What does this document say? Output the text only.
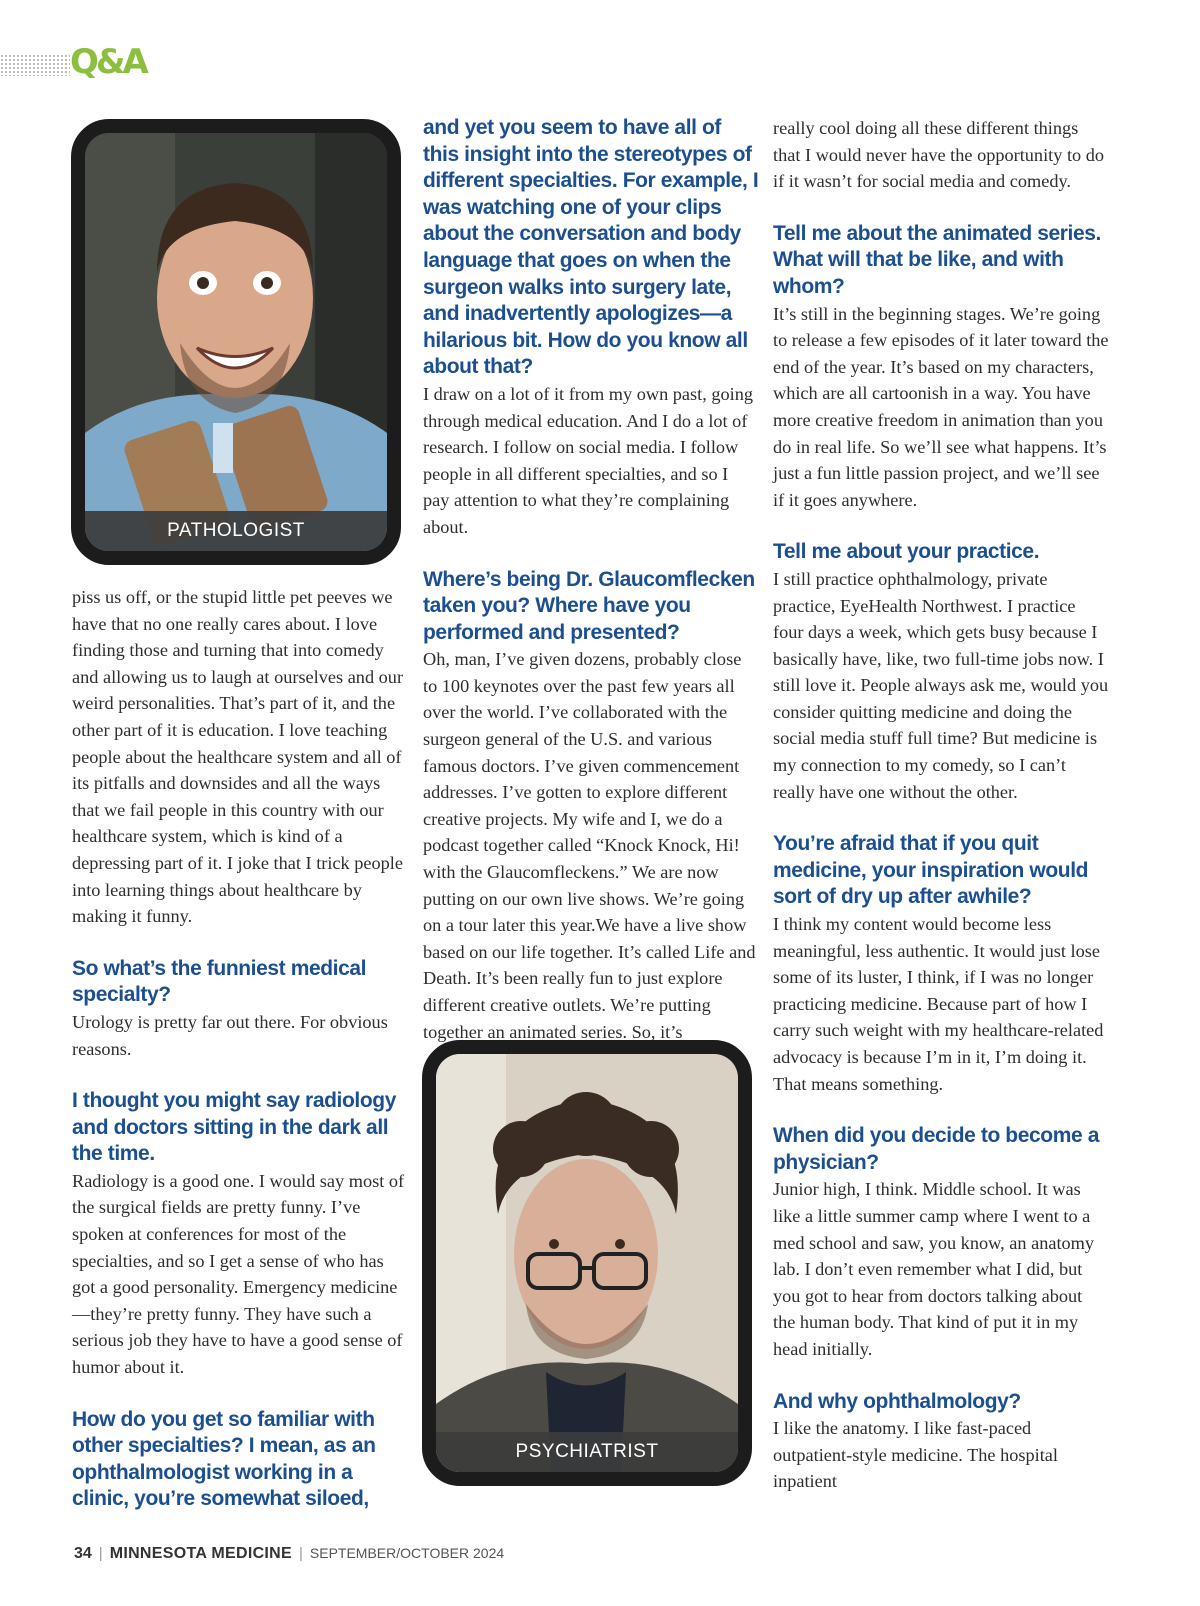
Q&A
PATHOLOGIST
PSYCHIATRIST

piss us off, or the stupid little pet peeves we have that no one really cares about. I love finding those and turning that into comedy and allowing us to laugh at ourselves and our weird personalities. That’s part of it, and the other part of it is education. I love teaching people about the healthcare system and all of its pitfalls and downsides and all the ways that we fail people in this country with our healthcare system, which is kind of a depressing part of it. I joke that I trick people into learning things about healthcare by making it funny.

So what’s the funniest medical specialty?

Urology is pretty far out there. For obvious reasons.

I thought you might say radiology and doctors sitting in the dark all the time.

Radiology is a good one. I would say most of the surgical fields are pretty funny. I’ve spoken at conferences for most of the specialties, and so I get a sense of who has got a good personality. Emergency medicine—they’re pretty funny. They have such a serious job they have to have a good sense of humor about it.

How do you get so familiar with other specialties? I mean, as an ophthalmologist working in a clinic, you’re somewhat siloed,

and yet you seem to have all of this insight into the stereotypes of different specialties. For example, I was watching one of your clips about the conversation and body language that goes on when the surgeon walks into surgery late, and inadvertently apologizes—a hilarious bit. How do you know all about that?

I draw on a lot of it from my own past, going through medical education. And I do a lot of research. I follow on social media. I follow people in all different specialties, and so I pay attention to what they’re complaining about.

Where’s being Dr. Glaucomflecken taken you? Where have you performed and presented?

Oh, man, I’ve given dozens, probably close to 100 keynotes over the past few years all over the world. I’ve collaborated with the surgeon general of the U.S. and various famous doctors. I’ve given commencement addresses. I’ve gotten to explore different creative projects. My wife and I, we do a podcast together called “Knock Knock, Hi! with the Glaucomfleckens.” We are now putting on our own live shows. We’re going on a tour later this year.We have a live show based on our life together. It’s called Life and Death. It’s been really fun to just explore different creative outlets. We’re putting together an animated series. So, it’s

really cool doing all these different things that I would never have the opportunity to do if it wasn’t for social media and comedy.

Tell me about the animated series. What will that be like, and with whom?

It’s still in the beginning stages. We’re going to release a few episodes of it later toward the end of the year. It’s based on my characters, which are all cartoonish in a way. You have more creative freedom in animation than you do in real life. So we’ll see what happens. It’s just a fun little passion project, and we’ll see if it goes anywhere.

Tell me about your practice.

I still practice ophthalmology, private practice, EyeHealth Northwest. I practice four days a week, which gets busy because I basically have, like, two full-time jobs now. I still love it. People always ask me, would you consider quitting medicine and doing the social media stuff full time? But medicine is my connection to my comedy, so I can’t really have one without the other.

You’re afraid that if you quit medicine, your inspiration would sort of dry up after awhile?

I think my content would become less meaningful, less authentic. It would just lose some of its luster, I think, if I was no longer practicing medicine. Because part of how I carry such weight with my healthcare-related advocacy is because I’m in it, I’m doing it. That means something.

When did you decide to become a physician?

Junior high, I think. Middle school. It was like a little summer camp where I went to a med school and saw, you know, an anatomy lab. I don’t even remember what I did, but you got to hear from doctors talking about the human body. That kind of put it in my head initially.

And why ophthalmology?

I like the anatomy. I like fast-paced outpatient-style medicine. The hospital inpatient

34 | MINNESOTA MEDICINE | SEPTEMBER/OCTOBER 2024
